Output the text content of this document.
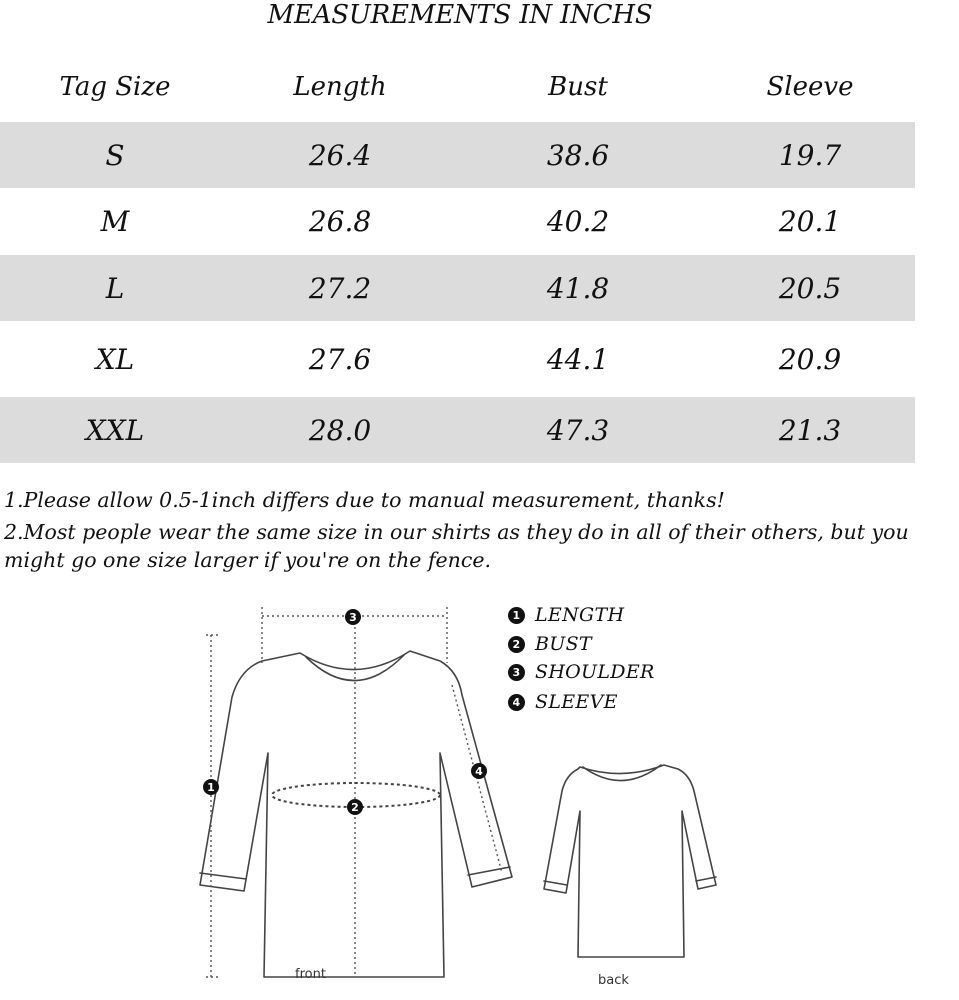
MEASUREMENTS IN INCHS
Tag Size	Length	Bust	Sleeve
S	26.4	38.6	19.7
M	26.8	40.2	20.1
L	27.2	41.8	20.5
XL	27.6	44.1	20.9
XXL	28.0	47.3	21.3
1.Please allow 0.5-1inch differs due to manual measurement, thanks!
2.Most people wear the same size in our shirts as they do in all of their others, but you might go one size larger if you're on the fence.
1
2
3
4
1 LENGTH
2 BUST
3 SHOULDER
4 SLEEVE
front	back
